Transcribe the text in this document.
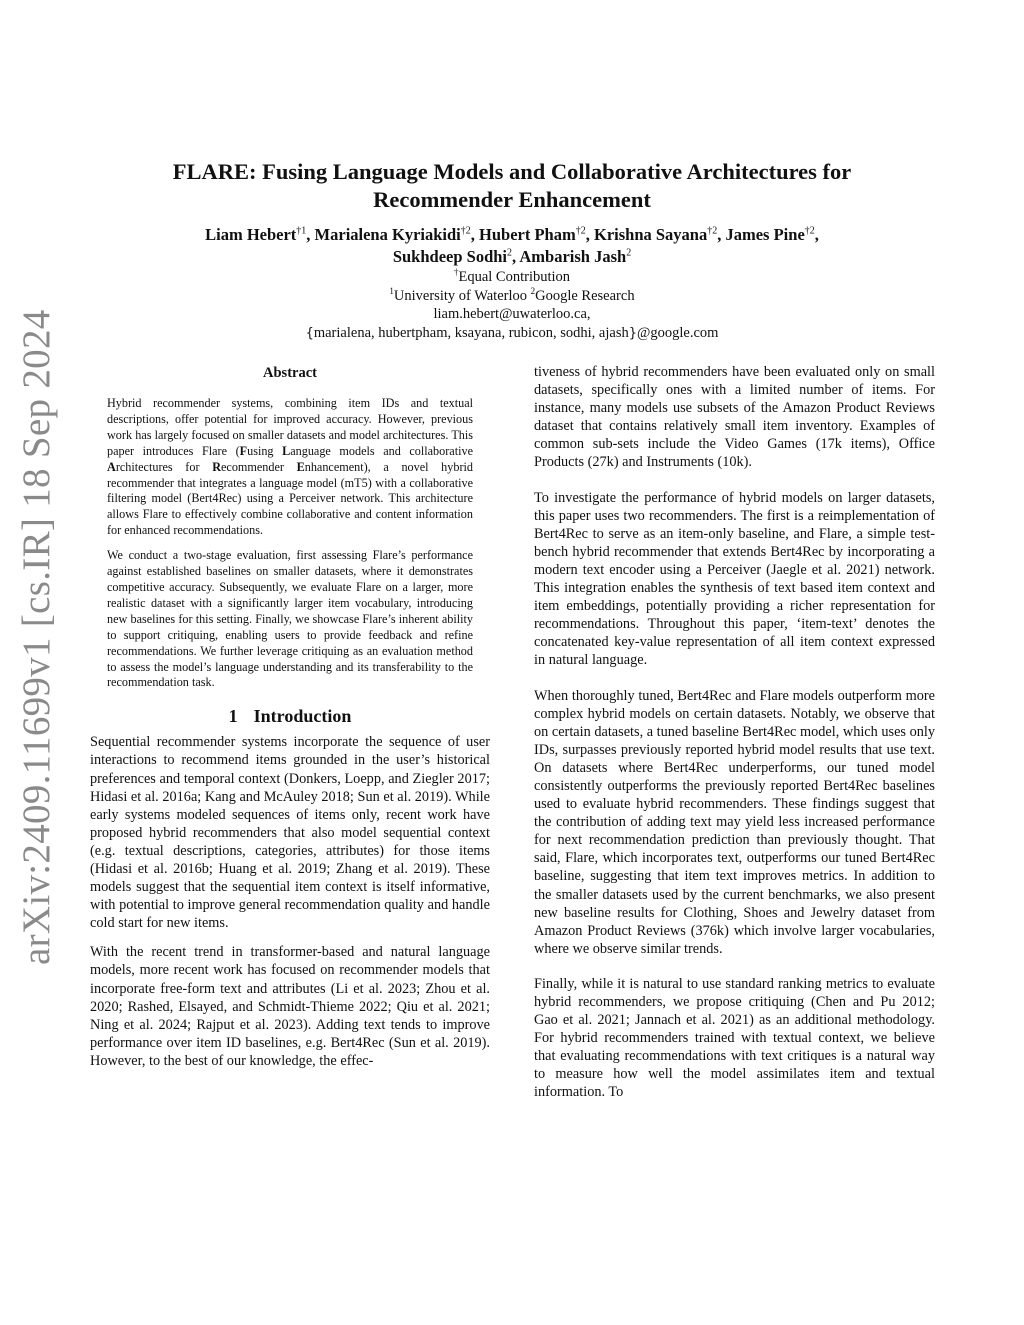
arXiv:2409.11699v1 [cs.IR] 18 Sep 2024
FLARE: Fusing Language Models and Collaborative Architectures for
Recommender Enhancement
Liam Hebert$^{\dagger 1}$, Marialena Kyriakidi$^{\dagger 2}$, Hubert Pham$^{\dagger 2}$, Krishna Sayana$^{\dagger 2}$, James Pine$^{\dagger 2}$,
Sukhdeep Sodhi$^2$, Ambarish Jash$^2$
†Equal Contribution
$^1$University of Waterloo $^2$Google Research
liam.hebert@uwaterloo.ca,
{marialena, hubertpham, ksayana, rubicon, sodhi, ajash}@google.com
Abstract

Hybrid recommender systems, combining item IDs and textual descriptions, offer potential for improved accuracy. However, previous work has largely focused on smaller datasets and model architectures. This paper introduces Flare (Fusing Language models and collaborative Architectures for Recommender Enhancement), a novel hybrid recommender that integrates a language model (mT5) with a collaborative filtering model (Bert4Rec) using a Perceiver network. This architecture allows Flare to effectively combine collaborative and content information for enhanced recommendations.

We conduct a two-stage evaluation, first assessing Flare’s performance against established baselines on smaller datasets, where it demonstrates competitive accuracy. Subsequently, we evaluate Flare on a larger, more realistic dataset with a significantly larger item vocabulary, introducing new baselines for this setting. Finally, we showcase Flare’s inherent ability to support critiquing, enabling users to provide feedback and refine recommendations. We further leverage critiquing as an evaluation method to assess the model’s language understanding and its transferability to the recommendation task.

1 Introduction

Sequential recommender systems incorporate the sequence of user interactions to recommend items grounded in the user’s historical preferences and temporal context (Donkers, Loepp, and Ziegler 2017; Hidasi et al. 2016a; Kang and McAuley 2018; Sun et al. 2019). While early systems modeled sequences of items only, recent work have proposed hybrid recommenders that also model sequential context (e.g. textual descriptions, categories, attributes) for those items (Hidasi et al. 2016b; Huang et al. 2019; Zhang et al. 2019). These models suggest that the sequential item context is itself informative, with potential to improve general recommendation quality and handle cold start for new items.

With the recent trend in transformer-based and natural language models, more recent work has focused on recommender models that incorporate free-form text and attributes (Li et al. 2023; Zhou et al. 2020; Rashed, Elsayed, and Schmidt-Thieme 2022; Qiu et al. 2021; Ning et al. 2024; Rajput et al. 2023). Adding text tends to improve performance over item ID baselines, e.g. Bert4Rec (Sun et al. 2019). However, to the best of our knowledge, the effec-

tiveness of hybrid recommenders have been evaluated only on small datasets, specifically ones with a limited number of items. For instance, many models use subsets of the Amazon Product Reviews dataset that contains relatively small item inventory. Examples of common sub-sets include the Video Games (17k items), Office Products (27k) and Instruments (10k).

To investigate the performance of hybrid models on larger datasets, this paper uses two recommenders. The first is a reimplementation of Bert4Rec to serve as an item-only baseline, and Flare, a simple test-bench hybrid recommender that extends Bert4Rec by incorporating a modern text encoder using a Perceiver (Jaegle et al. 2021) network. This integration enables the synthesis of text based item context and item embeddings, potentially providing a richer representation for recommendations. Throughout this paper, ‘item-text’ denotes the concatenated key-value representation of all item context expressed in natural language.

When thoroughly tuned, Bert4Rec and Flare models outperform more complex hybrid models on certain datasets. Notably, we observe that on certain datasets, a tuned baseline Bert4Rec model, which uses only IDs, surpasses previously reported hybrid model results that use text. On datasets where Bert4Rec underperforms, our tuned model consistently outperforms the previously reported Bert4Rec baselines used to evaluate hybrid recommenders. These findings suggest that the contribution of adding text may yield less increased performance for next recommendation prediction than previously thought. That said, Flare, which incorporates text, outperforms our tuned Bert4Rec baseline, suggesting that item text improves metrics. In addition to the smaller datasets used by the current benchmarks, we also present new baseline results for Clothing, Shoes and Jewelry dataset from Amazon Product Reviews (376k) which involve larger vocabularies, where we observe similar trends.

Finally, while it is natural to use standard ranking metrics to evaluate hybrid recommenders, we propose critiquing (Chen and Pu 2012; Gao et al. 2021; Jannach et al. 2021) as an additional methodology. For hybrid recommenders trained with textual context, we believe that evaluating recommendations with text critiques is a natural way to measure how well the model assimilates item and textual information. To
